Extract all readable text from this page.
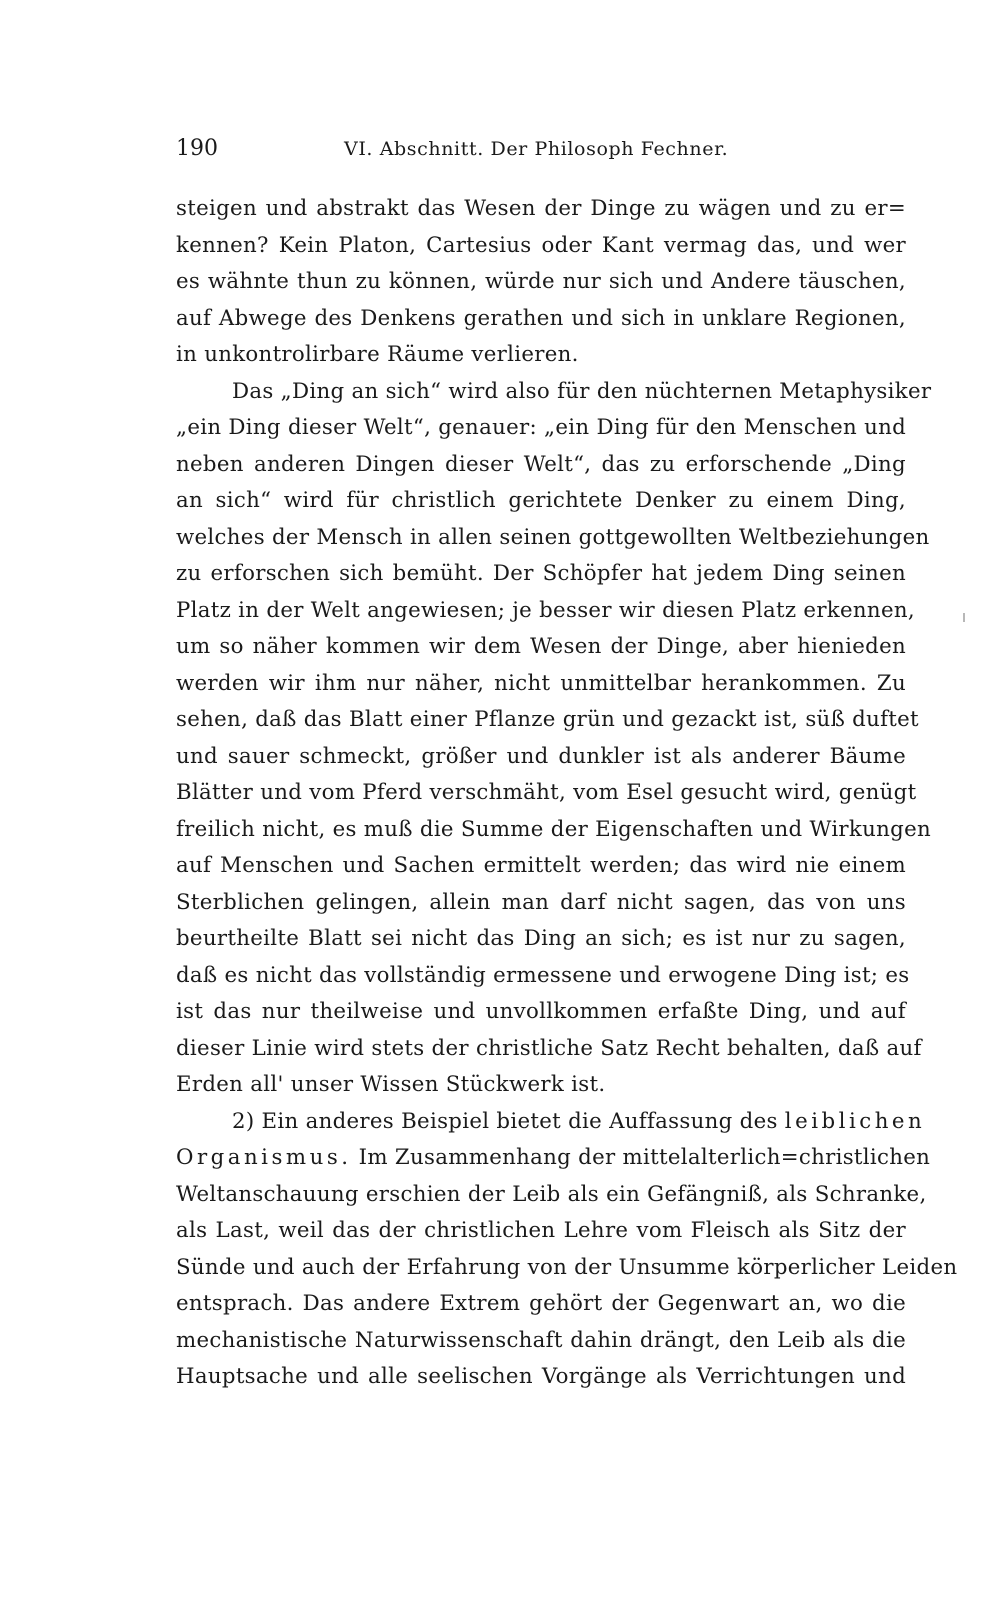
190	VI. Abschnitt. Der Philosoph Fechner.
steigen und abstrakt das Wesen der Dinge zu wägen und zu er=
kennen? Kein Platon, Cartesius oder Kant vermag das, und wer
es wähnte thun zu können, würde nur sich und Andere täuschen,
auf Abwege des Denkens gerathen und sich in unklare Regionen,
in unkontrolirbare Räume verlieren.
Das „Ding an sich“ wird also für den nüchternen Metaphysiker
„ein Ding dieser Welt“, genauer: „ein Ding für den Menschen und
neben anderen Dingen dieser Welt“, das zu erforschende „Ding
an sich“ wird für christlich gerichtete Denker zu einem Ding,
welches der Mensch in allen seinen gottgewollten Weltbeziehungen
zu erforschen sich bemüht. Der Schöpfer hat jedem Ding seinen
Platz in der Welt angewiesen; je besser wir diesen Platz erkennen,
um so näher kommen wir dem Wesen der Dinge, aber hienieden
werden wir ihm nur näher, nicht unmittelbar herankommen. Zu
sehen, daß das Blatt einer Pflanze grün und gezackt ist, süß duftet
und sauer schmeckt, größer und dunkler ist als anderer Bäume
Blätter und vom Pferd verschmäht, vom Esel gesucht wird, genügt
freilich nicht, es muß die Summe der Eigenschaften und Wirkungen
auf Menschen und Sachen ermittelt werden; das wird nie einem
Sterblichen gelingen, allein man darf nicht sagen, das von uns
beurtheilte Blatt sei nicht das Ding an sich; es ist nur zu sagen,
daß es nicht das vollständig ermessene und erwogene Ding ist; es
ist das nur theilweise und unvollkommen erfaßte Ding, und auf
dieser Linie wird stets der christliche Satz Recht behalten, daß auf
Erden all' unser Wissen Stückwerk ist.
2) Ein anderes Beispiel bietet die Auffassung des leiblichen
Organismus. Im Zusammenhang der mittelalterlich=christlichen
Weltanschauung erschien der Leib als ein Gefängniß, als Schranke,
als Last, weil das der christlichen Lehre vom Fleisch als Sitz der
Sünde und auch der Erfahrung von der Unsumme körperlicher Leiden
entsprach. Das andere Extrem gehört der Gegenwart an, wo die
mechanistische Naturwissenschaft dahin drängt, den Leib als die
Hauptsache und alle seelischen Vorgänge als Verrichtungen und
